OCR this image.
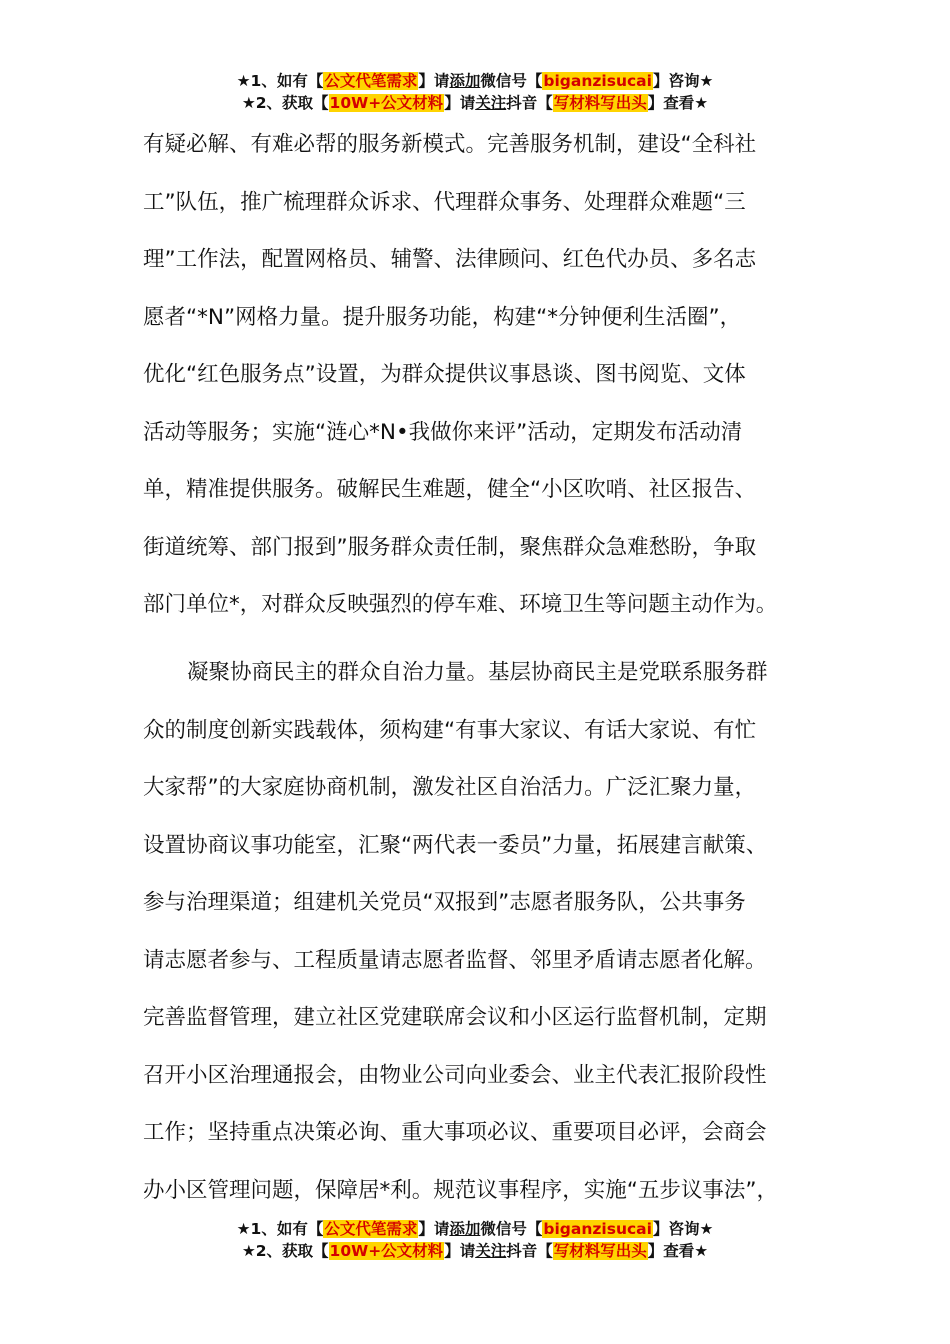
★1、如有【公文代笔需求】请添加微信号【biganzisucai】咨询★
★2、获取【10W+公文材料】请关注抖音【写材料写出头】查看★
有疑必解、有难必帮的服务新模式。完善服务机制，建设“全科社
工”队伍，推广梳理群众诉求、代理群众事务、处理群众难题“三
理”工作法，配置网格员、辅警、法律顾问、红色代办员、多名志
愿者“*N”网格力量。提升服务功能，构建“*分钟便利生活圈”，
优化“红色服务点”设置，为群众提供议事恳谈、图书阅览、文体
活动等服务；实施“涟心*N•我做你来评”活动，定期发布活动清
单，精准提供服务。破解民生难题，健全“小区吹哨、社区报告、
街道统筹、部门报到”服务群众责任制，聚焦群众急难愁盼，争取
部门单位*，对群众反映强烈的停车难、环境卫生等问题主动作为。
凝聚协商民主的群众自治力量。基层协商民主是党联系服务群
众的制度创新实践载体，须构建“有事大家议、有话大家说、有忙
大家帮”的大家庭协商机制，激发社区自治活力。广泛汇聚力量，
设置协商议事功能室，汇聚“两代表一委员”力量，拓展建言献策、
参与治理渠道；组建机关党员“双报到”志愿者服务队，公共事务
请志愿者参与、工程质量请志愿者监督、邻里矛盾请志愿者化解。
完善监督管理，建立社区党建联席会议和小区运行监督机制，定期
召开小区治理通报会，由物业公司向业委会、业主代表汇报阶段性
工作；坚持重点决策必询、重大事项必议、重要项目必评，会商会
办小区管理问题，保障居*利。规范议事程序，实施“五步议事法”，
★1、如有【公文代笔需求】请添加微信号【biganzisucai】咨询★
★2、获取【10W+公文材料】请关注抖音【写材料写出头】查看★
